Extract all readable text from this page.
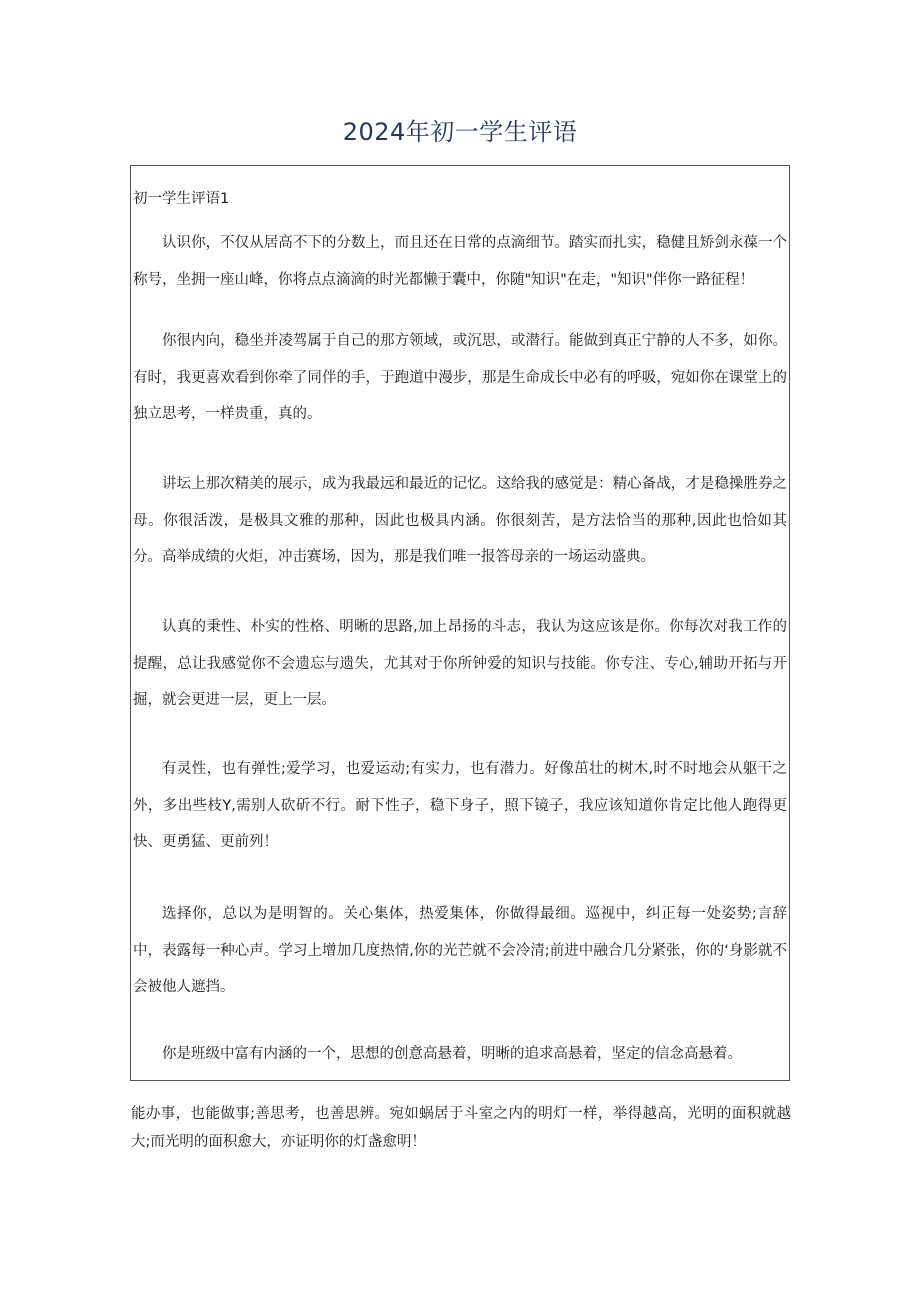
2024年初一学生评语
初一学生评语1

认识你，不仅从居高不下的分数上，而且还在日常的点滴细节。踏实而扎实，稳健且矫剑永葆一个称号，坐拥一座山峰，你将点点滴滴的时光都懒于囊中，你随"知识"在走，"知识"伴你一路征程！

你很内向，稳坐并凌驾属于自己的那方领域，或沉思，或潜行。能做到真正宁静的人不多，如你。有时，我更喜欢看到你牵了同伴的手，于跑道中漫步，那是生命成长中必有的呼吸，宛如你在课堂上的独立思考，一样贵重，真的。

讲坛上那次精美的展示，成为我最远和最近的记忆。这给我的感觉是：精心备战，才是稳操胜券之母。你很活泼，是极具文雅的那种，因此也极具内涵。你很刻苦，是方法恰当的那种,因此也恰如其分。高举成绩的火炬，冲击赛场，因为，那是我们唯一报答母亲的一场运动盛典。

认真的秉性、朴实的性格、明晰的思路,加上昂扬的斗志，我认为这应该是你。你每次对我工作的提醒，总让我感觉你不会遗忘与遗失，尤其对于你所钟爱的知识与技能。你专注、专心,辅助开拓与开掘，就会更进一层，更上一层。

有灵性，也有弹性;爱学习，也爱运动;有实力，也有潜力。好像茁壮的树木,时不时地会从躯干之外，多出些枝Y,需别人砍斫不行。耐下性子，稳下身子，照下镜子，我应该知道你肯定比他人跑得更快、更勇猛、更前列！

选择你，总以为是明智的。关心集体，热爱集体，你做得最细。巡视中，纠正每一处姿势;言辞中，表露每一种心声。学习上增加几度热情,你的光芒就不会冷清;前进中融合几分紧张，你的‘身影就不会被他人遮挡。

你是班级中富有内涵的一个，思想的创意高悬着，明晰的追求高悬着，坚定的信念高悬着。

能办事，也能做事;善思考，也善思辨。宛如蜗居于斗室之内的明灯一样，举得越高，光明的面积就越大;而光明的面积愈大，亦证明你的灯盏愈明！
